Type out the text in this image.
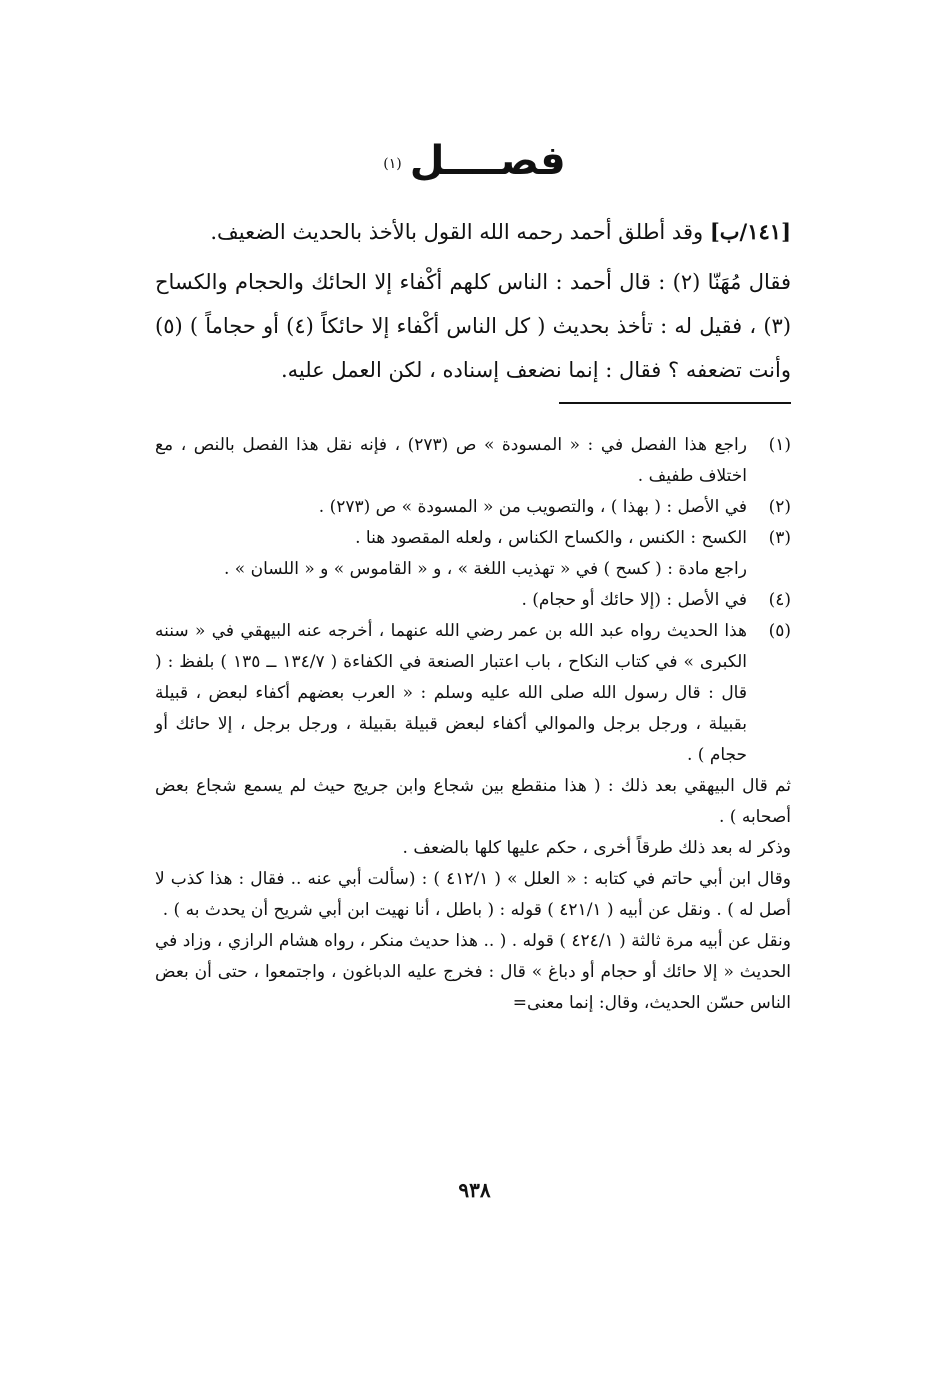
فصــــل(١)

[١٤١/ب] وقد أطلق أحمد رحمه الله القول بالأخذ بالحديث الضعيف.

فقال مُهَنّا (٢) : قال أحمد : الناس كلهم أكْفاء إلا الحائك والحجام والكساح (٣) ، فقيل له : تأخذ بحديث ( كل الناس أكْفاء إلا حائكاً (٤) أو حجاماً ) (٥) وأنت تضعفه ؟ فقال : إنما نضعف إسناده ، لكن العمل عليه.

(١)

راجع هذا الفصل في : « المسودة » ص (٢٧٣) ، فإنه نقل هذا الفصل بالنص ، مع اختلاف طفيف .

(٢)

في الأصل : ( بهذا ) ، والتصويب من « المسودة » ص (٢٧٣) .

(٣)

الكسح : الكنس ، والكساح الكناس ، ولعله المقصود هنا .

راجع مادة : ( كسح ) في « تهذيب اللغة » ، و « القاموس » و « اللسان » .

(٤)

في الأصل : (إلا حائك أو حجام) .

(٥)

هذا الحديث رواه عبد الله بن عمر رضي الله عنهما ، أخرجه عنه البيهقي في « سننه الكبرى » في كتاب النكاح ، باب اعتبار الصنعة في الكفاءة ( ١٣٤/٧ ــ ١٣٥ ) بلفظ : ( قال : قال رسول الله صلى الله عليه وسلم : « العرب بعضهم أكفاء لبعض ، قبيلة بقبيلة ، ورجل برجل والموالي أكفاء لبعض قبيلة بقبيلة ، ورجل برجل ، إلا حائك أو حجام ) .

ثم قال البيهقي بعد ذلك : ( هذا منقطع بين شجاع وابن جريج حيث لم يسمع شجاع بعض أصحابه ) .

وذكر له بعد ذلك طرقاً أخرى ، حكم عليها كلها بالضعف .

وقال ابن أبي حاتم في كتابه : « العلل » ( ٤١٢/١ ) : (سألت أبي عنه .. فقال : هذا كذب لا أصل له ) . ونقل عن أبيه ( ٤٢١/١ ) قوله : ( باطل ، أنا نهيت ابن أبي شريح أن يحدث به ) .

ونقل عن أبيه مرة ثالثة ( ٤٢٤/١ ) قوله . ( .. هذا حديث منكر ، رواه هشام الرازي ، وزاد في الحديث « إلا حائك أو حجام أو دباغ » قال : فخرج عليه الدباغون ، واجتمعوا ، حتى أن بعض الناس حسّن الحديث، وقال: إنما معنى=

٩٣٨
